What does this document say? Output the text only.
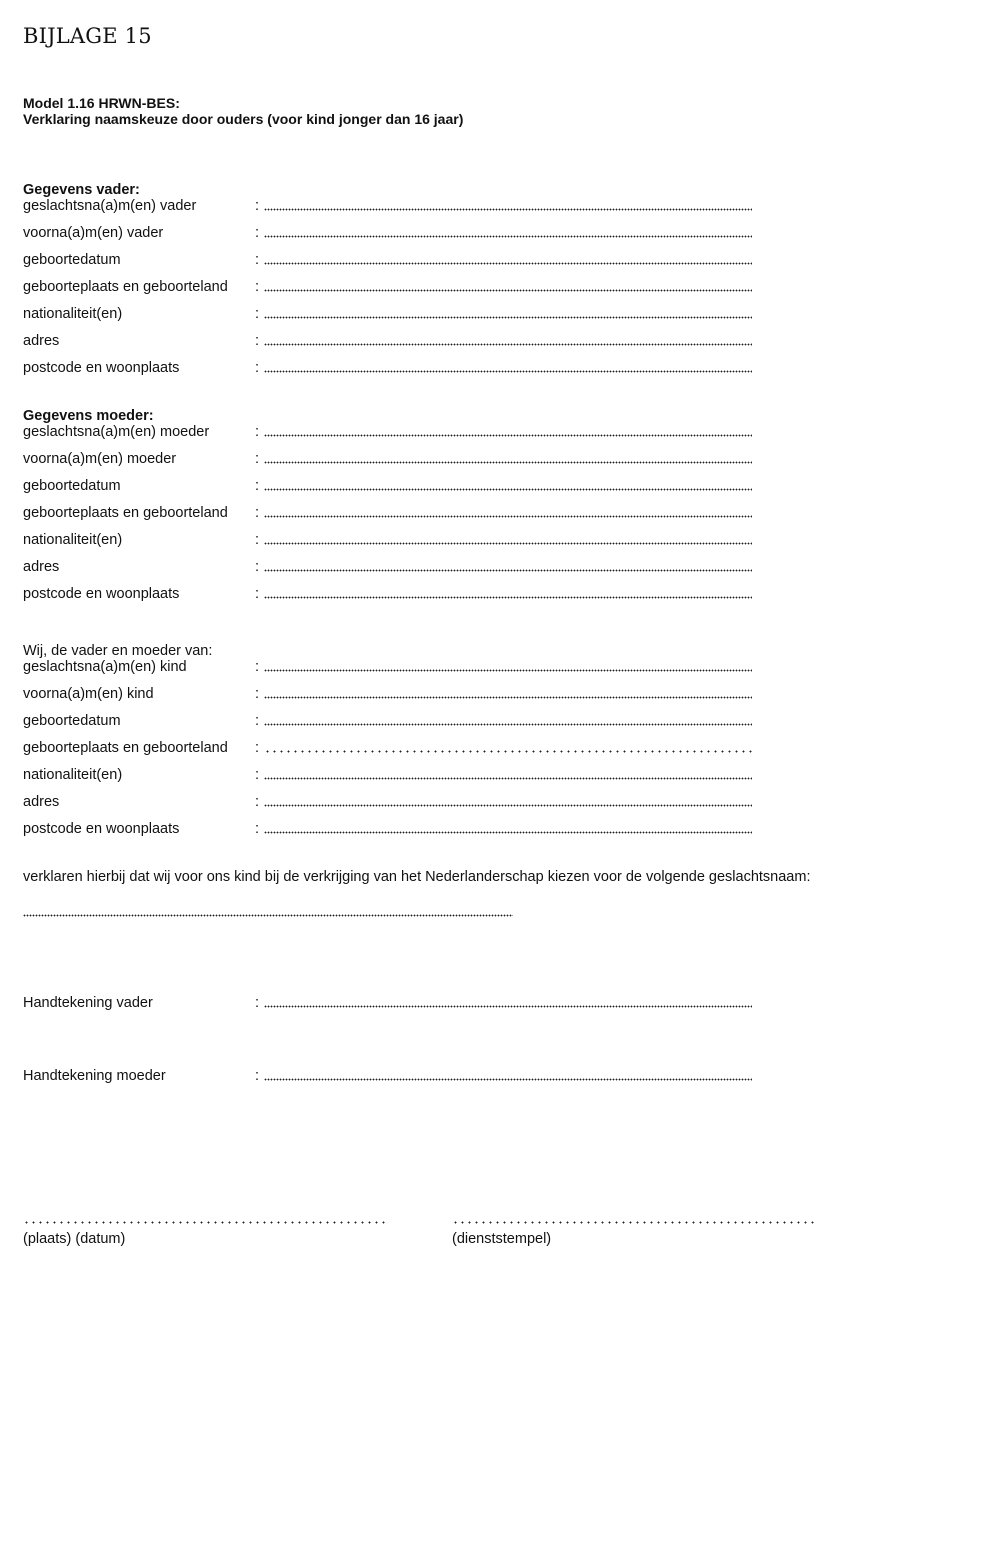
BIJLAGE 15
Model 1.16 HRWN-BES:
Verklaring naamskeuze door ouders (voor kind jonger dan 16 jaar)
Gegevens vader:
geslachtsna(a)m(en) vader	:
voorna(a)m(en) vader	:
geboortedatum	:
geboorteplaats en geboorteland :
nationaliteit(en)	:
adres	:
postcode en woonplaats	:
Gegevens moeder:
geslachtsna(a)m(en) moeder	:
voorna(a)m(en) moeder	:
geboortedatum	:
geboorteplaats en geboorteland :
nationaliteit(en)	:
adres	:
postcode en woonplaats	:
Wij, de vader en moeder van:
geslachtsna(a)m(en) kind	:
voorna(a)m(en) kind	:
geboortedatum	:
geboorteplaats en geboorteland :
nationaliteit(en)	:
adres	:
postcode en woonplaats	:
verklaren hierbij dat wij voor ons kind bij de verkrijging van het Nederlanderschap kiezen voor de volgende geslachtsnaam:
Handtekening vader	:
Handtekening moeder	:
(plaats) (datum)	(dienststempel)
